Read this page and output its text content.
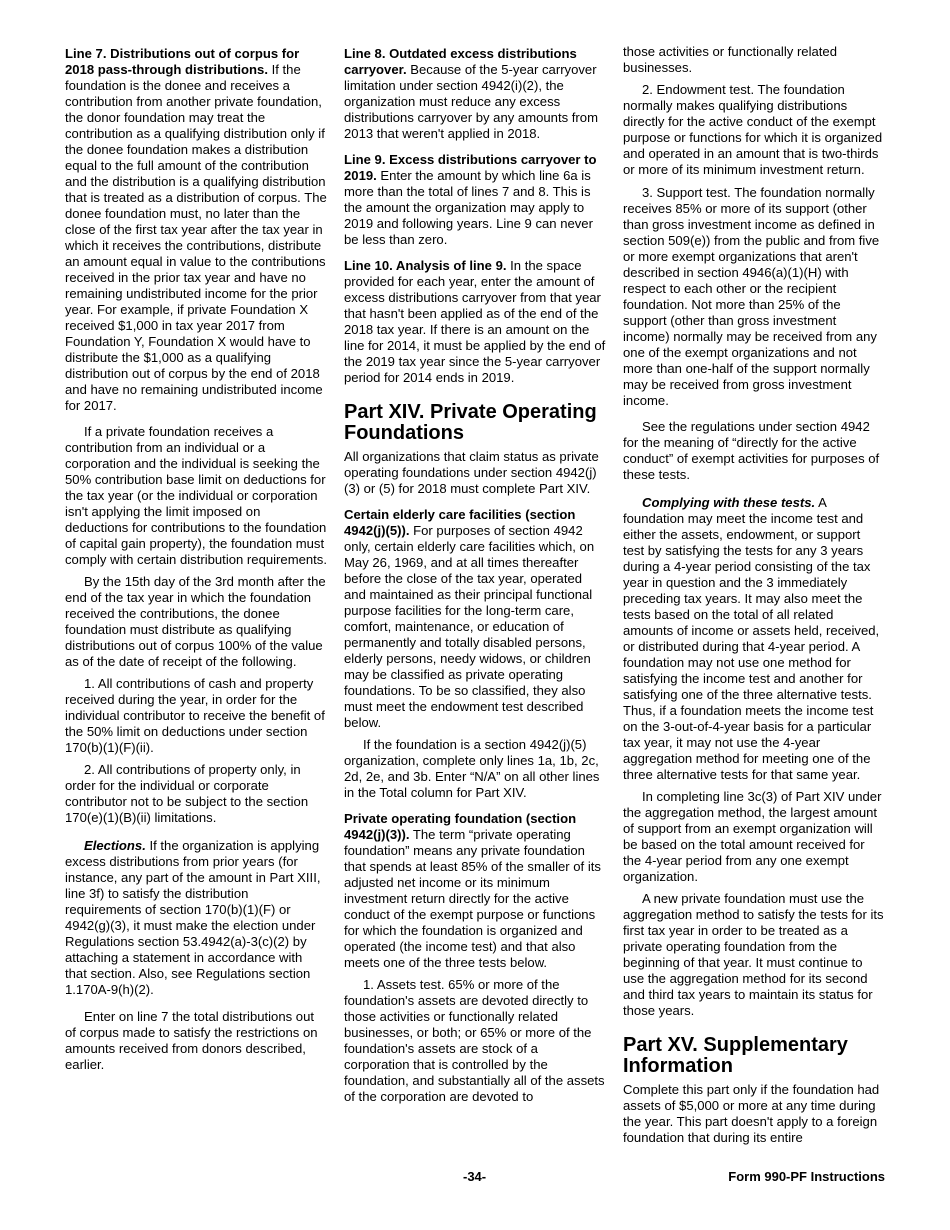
Line 7. Distributions out of corpus for 2018 pass-through distributions. If the foundation is the donee and receives a contribution from another private foundation, the donor foundation may treat the contribution as a qualifying distribution only if the donee foundation makes a distribution equal to the full amount of the contribution and the distribution is a qualifying distribution that is treated as a distribution of corpus. The donee foundation must, no later than the close of the first tax year after the tax year in which it receives the contributions, distribute an amount equal in value to the contributions received in the prior tax year and have no remaining undistributed income for the prior year. For example, if private Foundation X received $1,000 in tax year 2017 from Foundation Y, Foundation X would have to distribute the $1,000 as a qualifying distribution out of corpus by the end of 2018 and have no remaining undistributed income for 2017.

If a private foundation receives a contribution from an individual or a corporation and the individual is seeking the 50% contribution base limit on deductions for the tax year (or the individual or corporation isn't applying the limit imposed on deductions for contributions to the foundation of capital gain property), the foundation must comply with certain distribution requirements.

By the 15th day of the 3rd month after the end of the tax year in which the foundation received the contributions, the donee foundation must distribute as qualifying distributions out of corpus 100% of the value as of the date of receipt of the following.

1. All contributions of cash and property received during the year, in order for the individual contributor to receive the benefit of the 50% limit on deductions under section 170(b)(1)(F)(ii).

2. All contributions of property only, in order for the individual or corporate contributor not to be subject to the section 170(e)(1)(B)(ii) limitations.

Elections. If the organization is applying excess distributions from prior years (for instance, any part of the amount in Part XIII, line 3f) to satisfy the distribution requirements of section 170(b)(1)(F) or 4942(g)(3), it must make the election under Regulations section 53.4942(a)-3(c)(2) by attaching a statement in accordance with that section. Also, see Regulations section 1.170A-9(h)(2).

Enter on line 7 the total distributions out of corpus made to satisfy the restrictions on amounts received from donors described, earlier.

Line 8. Outdated excess distributions carryover. Because of the 5-year carryover limitation under section 4942(i)(2), the organization must reduce any excess distributions carryover by any amounts from 2013 that weren't applied in 2018.

Line 9. Excess distributions carryover to 2019. Enter the amount by which line 6a is more than the total of lines 7 and 8. This is the amount the organization may apply to 2019 and following years. Line 9 can never be less than zero.

Line 10. Analysis of line 9. In the space provided for each year, enter the amount of excess distributions carryover from that year that hasn't been applied as of the end of the 2018 tax year. If there is an amount on the line for 2014, it must be applied by the end of the 2019 tax year since the 5-year carryover period for 2014 ends in 2019.

Part XIV. Private Operating Foundations

All organizations that claim status as private operating foundations under section 4942(j)(3) or (5) for 2018 must complete Part XIV.

Certain elderly care facilities (section 4942(j)(5)). For purposes of section 4942 only, certain elderly care facilities which, on May 26, 1969, and at all times thereafter before the close of the tax year, operated and maintained as their principal functional purpose facilities for the long-term care, comfort, maintenance, or education of permanently and totally disabled persons, elderly persons, needy widows, or children may be classified as private operating foundations. To be so classified, they also must meet the endowment test described below.

If the foundation is a section 4942(j)(5) organization, complete only lines 1a, 1b, 2c, 2d, 2e, and 3b. Enter “N/A” on all other lines in the Total column for Part XIV.

Private operating foundation (section 4942(j)(3)). The term “private operating foundation” means any private foundation that spends at least 85% of the smaller of its adjusted net income or its minimum investment return directly for the active conduct of the exempt purpose or functions for which the foundation is organized and operated (the income test) and that also meets one of the three tests below.

1. Assets test. 65% or more of the foundation's assets are devoted directly to those activities or functionally related businesses, or both; or 65% or more of the foundation's assets are stock of a corporation that is controlled by the foundation, and substantially all of the assets of the corporation are devoted to

those activities or functionally related businesses.

2. Endowment test. The foundation normally makes qualifying distributions directly for the active conduct of the exempt purpose or functions for which it is organized and operated in an amount that is two-thirds or more of its minimum investment return.

3. Support test. The foundation normally receives 85% or more of its support (other than gross investment income as defined in section 509(e)) from the public and from five or more exempt organizations that aren't described in section 4946(a)(1)(H) with respect to each other or the recipient foundation. Not more than 25% of the support (other than gross investment income) normally may be received from any one of the exempt organizations and not more than one-half of the support normally may be received from gross investment income.

See the regulations under section 4942 for the meaning of “directly for the active conduct” of exempt activities for purposes of these tests.

Complying with these tests. A foundation may meet the income test and either the assets, endowment, or support test by satisfying the tests for any 3 years during a 4-year period consisting of the tax year in question and the 3 immediately preceding tax years. It may also meet the tests based on the total of all related amounts of income or assets held, received, or distributed during that 4-year period. A foundation may not use one method for satisfying the income test and another for satisfying one of the three alternative tests. Thus, if a foundation meets the income test on the 3-out-of-4-year basis for a particular tax year, it may not use the 4-year aggregation method for meeting one of the three alternative tests for that same year.

In completing line 3c(3) of Part XIV under the aggregation method, the largest amount of support from an exempt organization will be based on the total amount received for the 4-year period from any one exempt organization.

A new private foundation must use the aggregation method to satisfy the tests for its first tax year in order to be treated as a private operating foundation from the beginning of that year. It must continue to use the aggregation method for its second and third tax years to maintain its status for those years.

Part XV. Supplementary Information

Complete this part only if the foundation had assets of $5,000 or more at any time during the year. This part doesn't apply to a foreign foundation that during its entire

-34-	Form 990-PF Instructions
